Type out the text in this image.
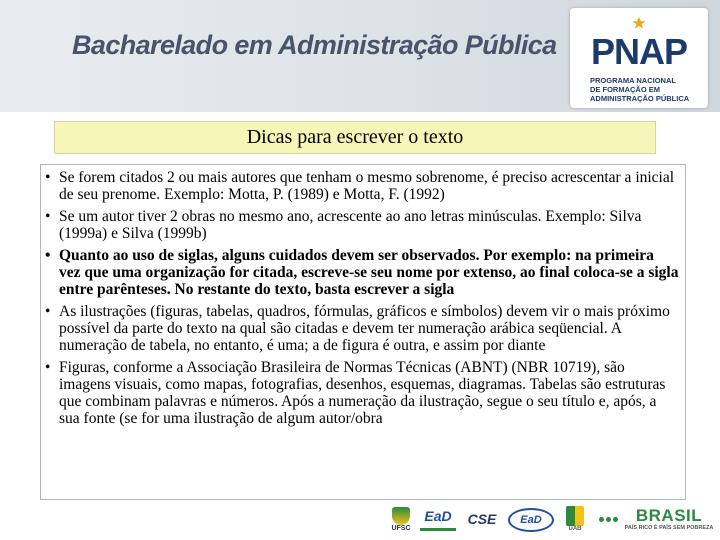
Bacharelado em Administração Pública PNAP
PROGRAMA NACIONAL
DE FORMAÇÃO EM
ADMINISTRAÇÃO PÚBLICA
Dicas para escrever o texto
• Se forem citados 2 ou mais autores que tenham o mesmo sobrenome, é preciso acrescentar a inicial de seu prenome. Exemplo: Motta, P. (1989) e Motta, F. (1992)
• Se um autor tiver 2 obras no mesmo ano, acrescente ao ano letras minúsculas. Exemplo: Silva (1999a) e Silva (1999b)
• Quanto ao uso de siglas, alguns cuidados devem ser observados. Por exemplo: na primeira vez que uma organização for citada, escreve-se seu nome por extenso, ao final coloca-se a sigla entre parênteses. No restante do texto, basta escrever a sigla
• As ilustrações (figuras, tabelas, quadros, fórmulas, gráficos e símbolos) devem vir o mais próximo possível da parte do texto na qual são citadas e devem ter numeração arábica seqüencial. A numeração de tabela, no entanto, é uma; a de figura é outra, e assim por diante
• Figuras, conforme a Associação Brasileira de Normas Técnicas (ABNT) (NBR 10719), são imagens visuais, como mapas, fotografias, desenhos, esquemas, diagramas. Tabelas são estruturas que combinam palavras e números. Após a numeração da ilustração, segue o seu título e, após, a sua fonte (se for uma ilustração de algum autor/obra
UFSC
EaD	CSE	EaD
UAB
BRASIL
PAÍS RICO É PAÍS SEM POBREZA
